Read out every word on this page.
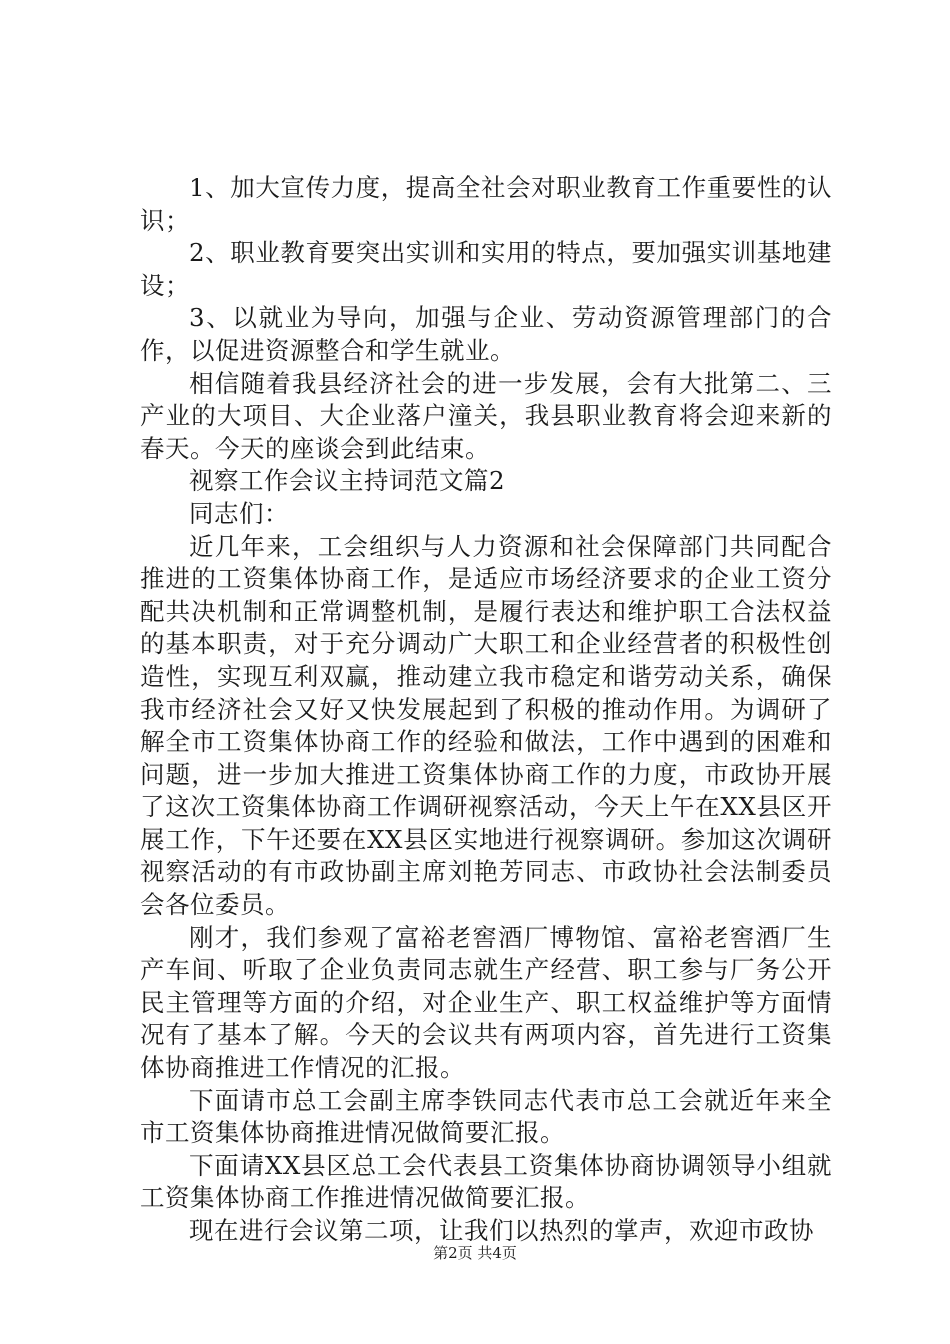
1、加大宣传力度，提高全社会对职业教育工作重要性的认识；

2、职业教育要突出实训和实用的特点，要加强实训基地建设；

3、以就业为导向，加强与企业、劳动资源管理部门的合作，以促进资源整合和学生就业。

相信随着我县经济社会的进一步发展，会有大批第二、三产业的大项目、大企业落户潼关，我县职业教育将会迎来新的春天。今天的座谈会到此结束。

视察工作会议主持词范文篇2

同志们：

近几年来，工会组织与人力资源和社会保障部门共同配合推进的工资集体协商工作，是适应市场经济要求的企业工资分配共决机制和正常调整机制，是履行表达和维护职工合法权益的基本职责，对于充分调动广大职工和企业经营者的积极性创造性，实现互利双赢，推动建立我市稳定和谐劳动关系，确保我市经济社会又好又快发展起到了积极的推动作用。为调研了解全市工资集体协商工作的经验和做法，工作中遇到的困难和问题，进一步加大推进工资集体协商工作的力度，市政协开展了这次工资集体协商工作调研视察活动，今天上午在XX县区开展工作，下午还要在XX县区实地进行视察调研。参加这次调研视察活动的有市政协副主席刘艳芳同志、市政协社会法制委员会各位委员。

刚才，我们参观了富裕老窖酒厂博物馆、富裕老窖酒厂生产车间、听取了企业负责同志就生产经营、职工参与厂务公开民主管理等方面的介绍，对企业生产、职工权益维护等方面情况有了基本了解。今天的会议共有两项内容，首先进行工资集体协商推进工作情况的汇报。

下面请市总工会副主席李铁同志代表市总工会就近年来全市工资集体协商推进情况做简要汇报。

下面请XX县区总工会代表县工资集体协商协调领导小组就工资集体协商工作推进情况做简要汇报。

现在进行会议第二项，让我们以热烈的掌声，欢迎市政协

第2页 共4页
